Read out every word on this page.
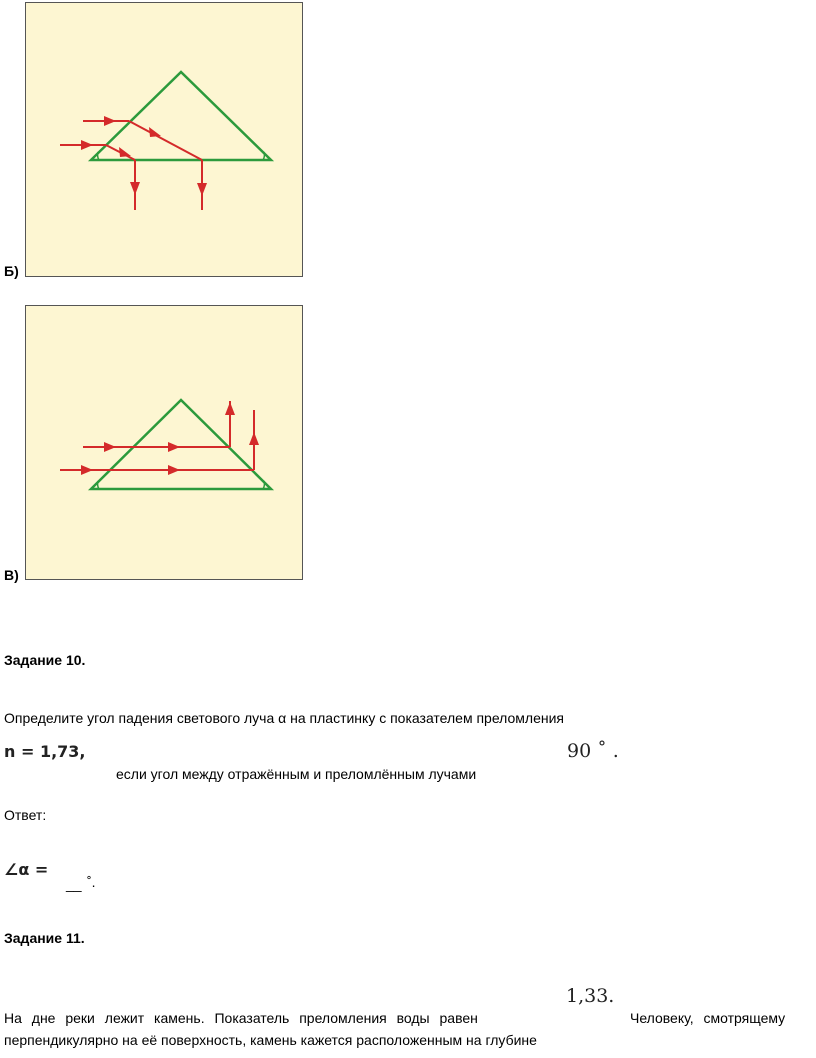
Б)
В)
Задание 10.
Определите угол падения светового луча α на пластинку с показателем преломления
n = 1,73,
если угол между отражённым и преломлённым лучами
90 ˚ .
Ответ:
∠α =
__ ˚.
Задание 11.
На дне реки лежит камень. Показатель преломления воды равен
1,33.
Человеку, смотрящему
перпендикулярно на её поверхность, камень кажется расположенным на глубине
